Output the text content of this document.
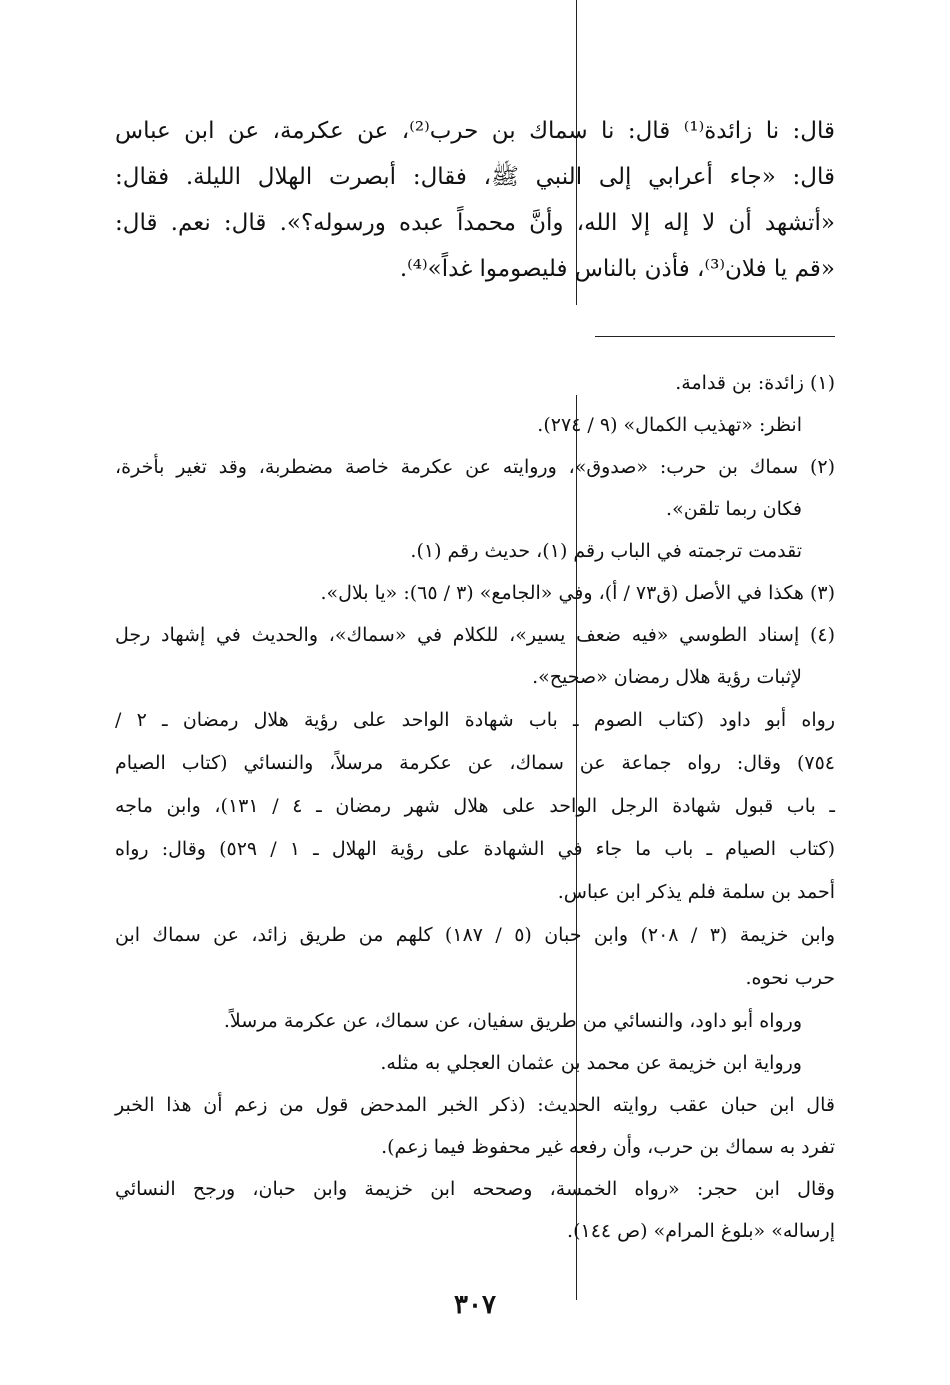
قال: نا زائدة⁽¹⁾ قال: نا سماك بن حرب⁽²⁾، عن عكرمة، عن ابن عباس
قال: «جاء أعرابي إلى النبي ﷺ، فقال: أبصرت الهلال الليلة. فقال:
«أتشهد أن لا إله إلا الله، وأنَّ محمداً عبده ورسوله؟». قال: نعم. قال:
«قم يا فلان⁽³⁾، فأذن بالناس فليصوموا غداً»⁽⁴⁾.
(١) زائدة: بن قدامة.
انظر: «تهذيب الكمال» (٩ / ٢٧٤).
(٢) سماك بن حرب: «صدوق»، وروايته عن عكرمة خاصة مضطربة، وقد تغير بأخرة،
فكان ربما تلقن».
تقدمت ترجمته في الباب رقم (١)، حديث رقم (١).
(٣) هكذا في الأصل (ق٧٣ / أ)، وفي «الجامع» (٣ / ٦٥): «يا بلال».
(٤) إسناد الطوسي «فيه ضعف يسير»، للكلام في «سماك»، والحديث في إشهاد رجل
لإثبات رؤية هلال رمضان «صحيح».
رواه أبو داود (كتاب الصوم ـ باب شهادة الواحد على رؤية هلال رمضان ـ ٢ /
٧٥٤) وقال: رواه جماعة عن سماك، عن عكرمة مرسلاً، والنسائي (كتاب الصيام
ـ باب قبول شهادة الرجل الواحد على هلال شهر رمضان ـ ٤ / ١٣١)، وابن ماجه
(كتاب الصيام ـ باب ما جاء في الشهادة على رؤية الهلال ـ ١ / ٥٢٩) وقال: رواه
أحمد بن سلمة فلم يذكر ابن عباس.
وابن خزيمة (٣ / ٢٠٨) وابن حبان (٥ / ١٨٧) كلهم من طريق زائد، عن سماك ابن
حرب نحوه.
ورواه أبو داود، والنسائي من طريق سفيان، عن سماك، عن عكرمة مرسلاً.
ورواية ابن خزيمة عن محمد بن عثمان العجلي به مثله.
قال ابن حبان عقب روايته الحديث: (ذكر الخبر المدحض قول من زعم أن هذا الخبر
تفرد به سماك بن حرب، وأن رفعه غير محفوظ فيما زعم).
وقال ابن حجر: «رواه الخمسة، وصححه ابن خزيمة وابن حبان، ورجح النسائي
إرساله» «بلوغ المرام» (ص ١٤٤).
٣٠٧
